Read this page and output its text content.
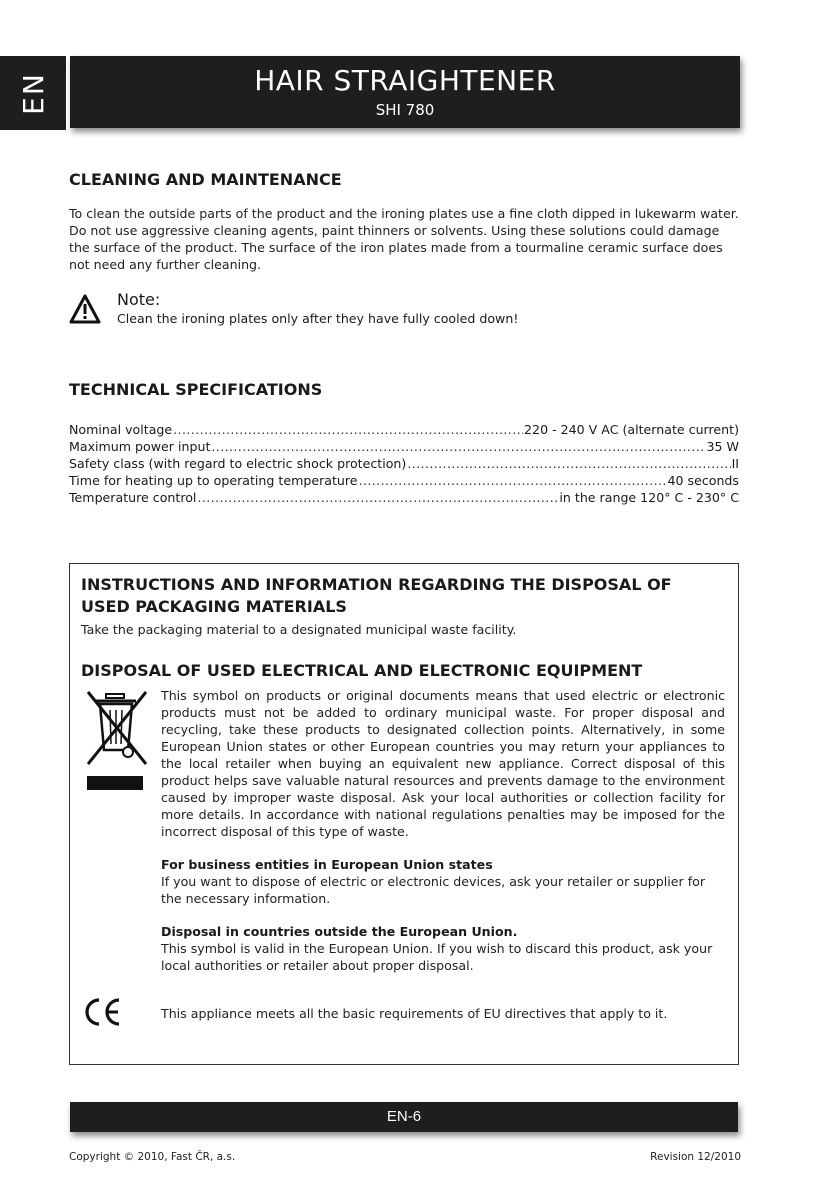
EN	HAIR STRAIGHTENER
SHI 780
CLEANING AND MAINTENANCE
To clean the outside parts of the product and the ironing plates use a fine cloth dipped in lukewarm water. Do not use aggressive cleaning agents, paint thinners or solvents. Using these solutions could damage the surface of the product. The surface of the iron plates made from a tourmaline ceramic surface does not need any further cleaning.
Note:
Clean the ironing plates only after they have fully cooled down!
TECHNICAL SPECIFICATIONS
Nominal voltage .....	220 - 240 V AC (alternate current)
Maximum power input .....	35 W
Safety class (with regard to electric shock protection) .....	II
Time for heating up to operating temperature .....	40 seconds
Temperature control .....	in the range 120° C - 230° C
INSTRUCTIONS AND INFORMATION REGARDING THE DISPOSAL OF USED PACKAGING MATERIALS
Take the packaging material to a designated municipal waste facility.
DISPOSAL OF USED ELECTRICAL AND ELECTRONIC EQUIPMENT
This symbol on products or original documents means that used electric or electronic products must not be added to ordinary municipal waste. For proper disposal and recycling, take these products to designated collection points. Alternatively, in some European Union states or other European countries you may return your appliances to the local retailer when buying an equivalent new appliance. Correct disposal of this product helps save valuable natural resources and prevents damage to the environment caused by improper waste disposal. Ask your local authorities or collection facility for more details. In accordance with national regulations penalties may be imposed for the incorrect disposal of this type of waste.
For business entities in European Union states
If you want to dispose of electric or electronic devices, ask your retailer or supplier for the necessary information.
Disposal in countries outside the European Union.
This symbol is valid in the European Union. If you wish to discard this product, ask your local authorities or retailer about proper disposal.
This appliance meets all the basic requirements of EU directives that apply to it.
EN-6
Copyright © 2010, Fast ČR, a.s.	Revision 12/2010
